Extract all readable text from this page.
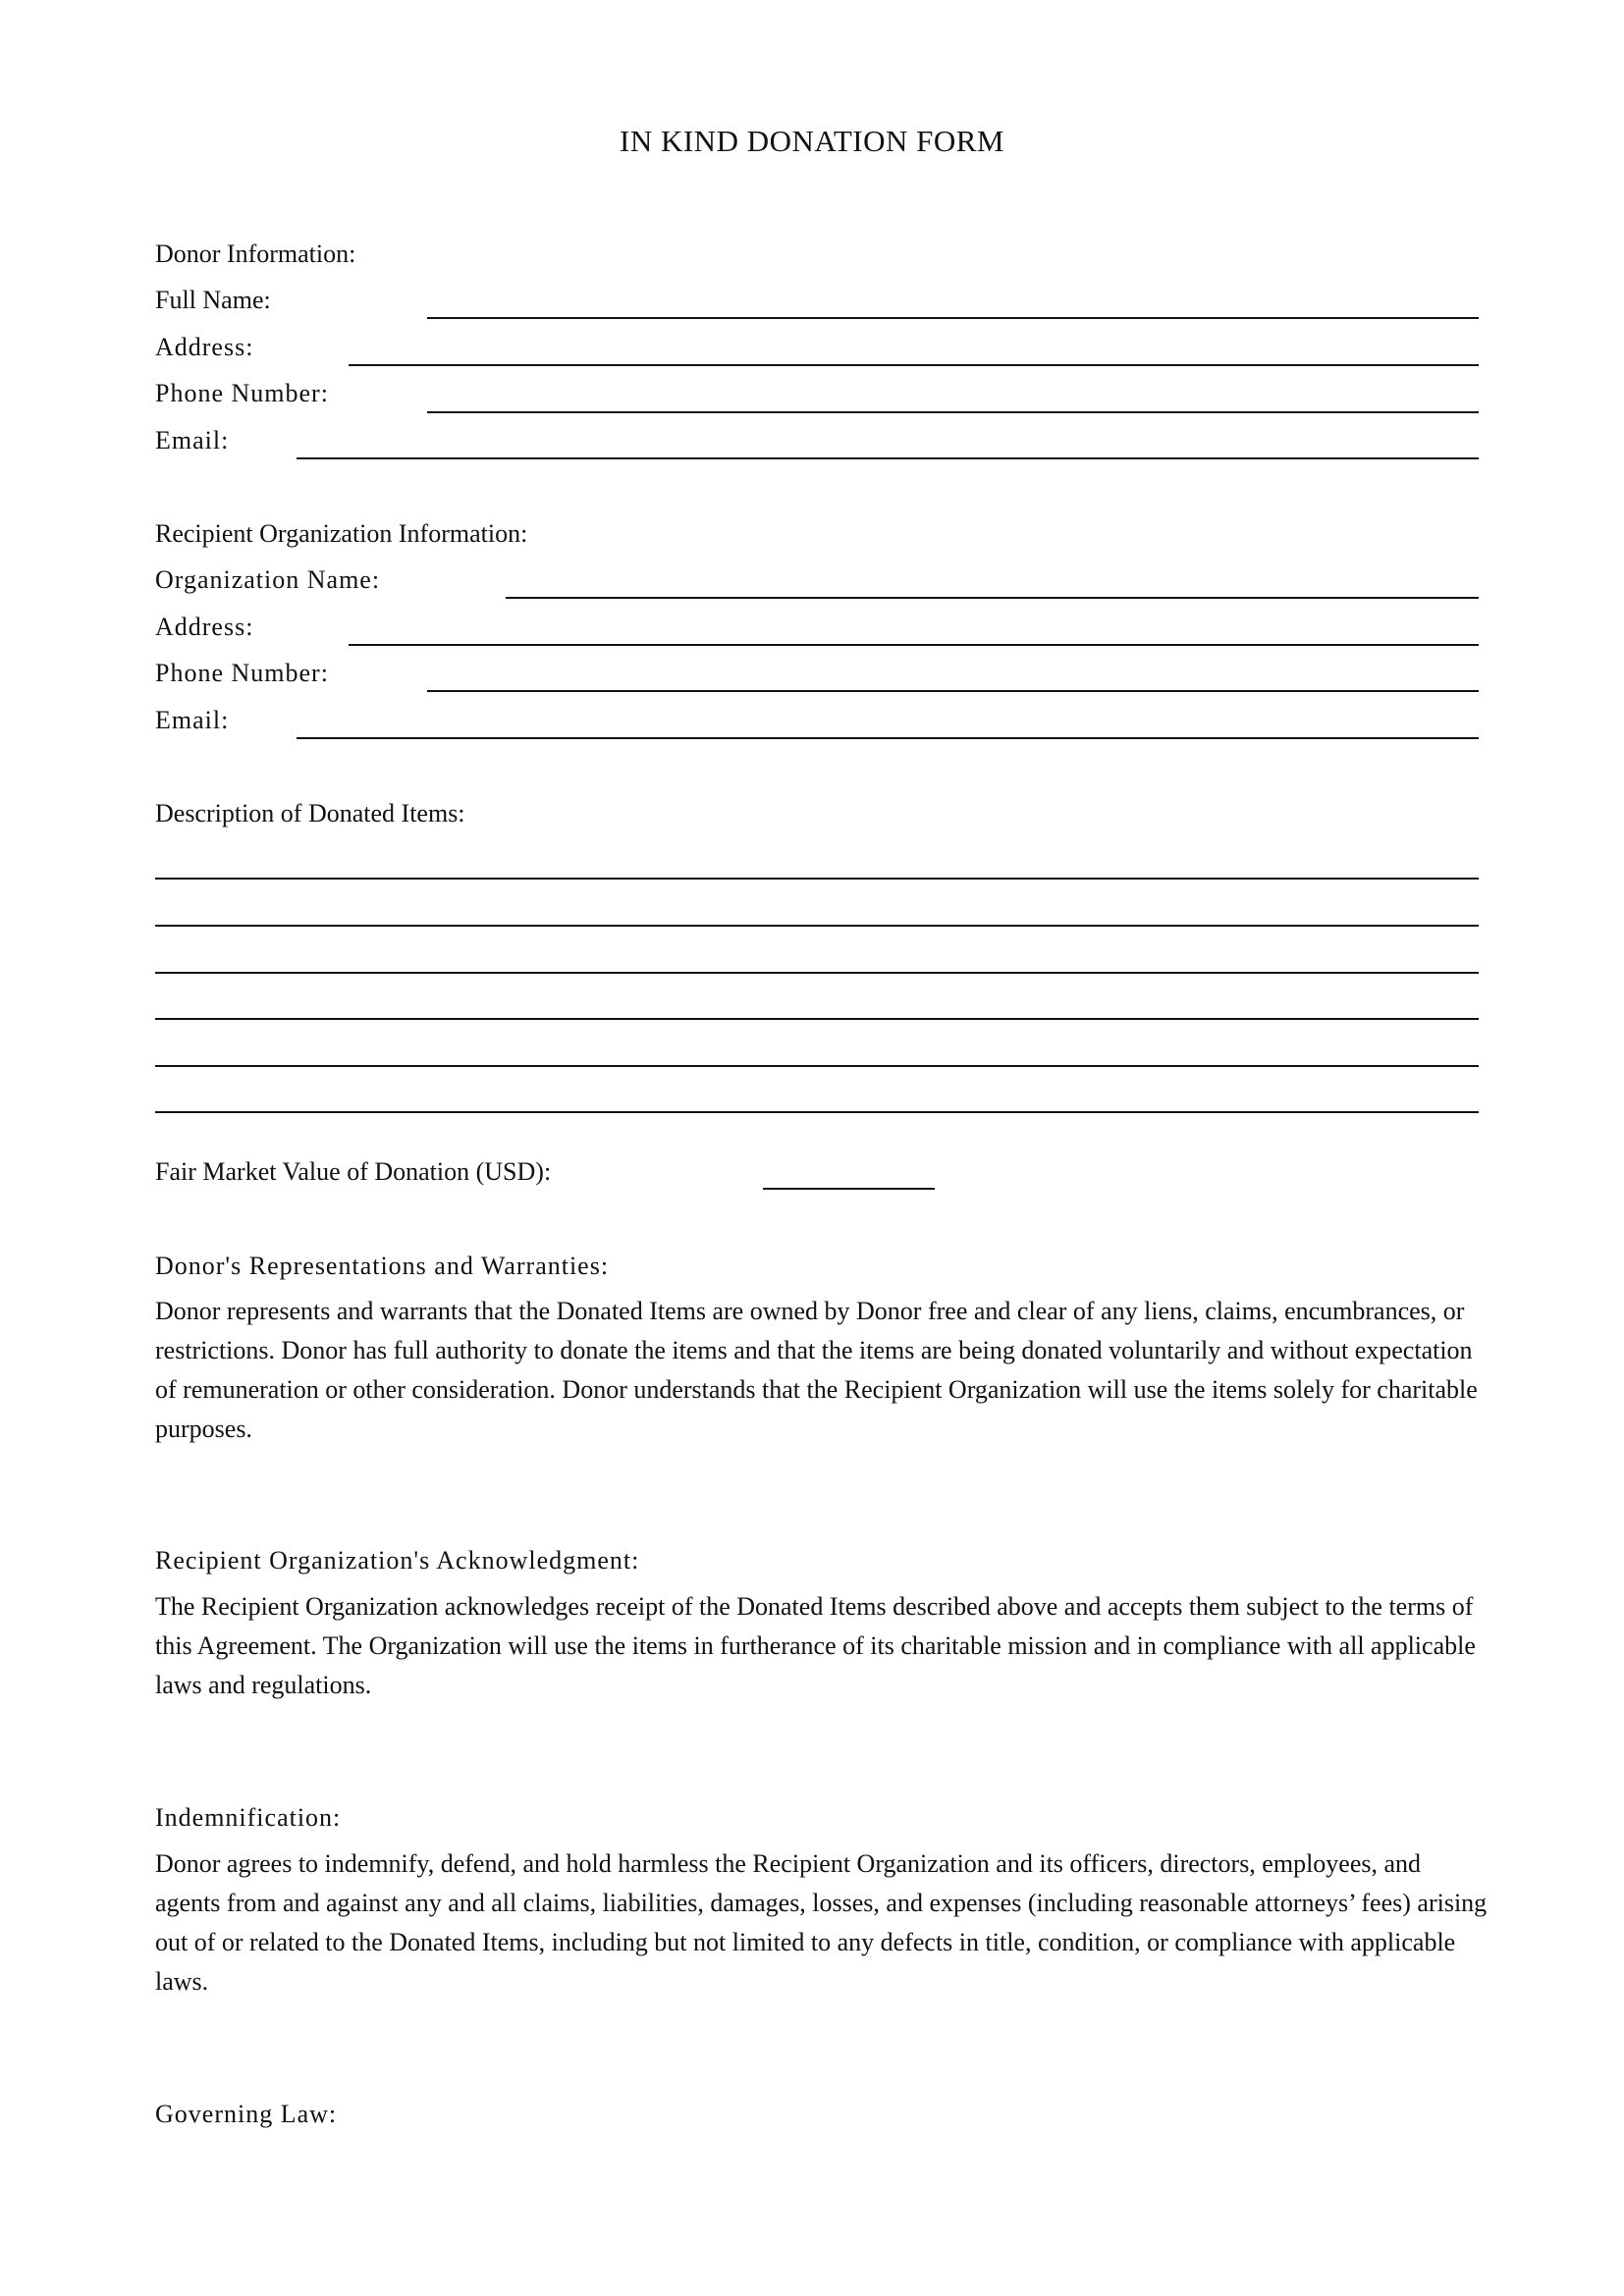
IN KIND DONATION FORM
Donor Information:
Full Name:
Address:
Phone Number:
Email:
Recipient Organization Information:
Organization Name:
Address:
Phone Number:
Email:
Description of Donated Items:
Fair Market Value of Donation (USD):
Donor's Representations and Warranties:
Donor represents and warrants that the Donated Items are owned by Donor free and clear of any liens, claims, encumbrances, or restrictions. Donor has full authority to donate the items and that the items are being donated voluntarily and without expectation of remuneration or other consideration. Donor understands that the Recipient Organization will use the items solely for charitable purposes.
Recipient Organization's Acknowledgment:
The Recipient Organization acknowledges receipt of the Donated Items described above and accepts them subject to the terms of this Agreement. The Organization will use the items in furtherance of its charitable mission and in compliance with all applicable laws and regulations.
Indemnification:
Donor agrees to indemnify, defend, and hold harmless the Recipient Organization and its officers, directors, employees, and agents from and against any and all claims, liabilities, damages, losses, and expenses (including reasonable attorneys’ fees) arising out of or related to the Donated Items, including but not limited to any defects in title, condition, or compliance with applicable laws.
Governing Law:
